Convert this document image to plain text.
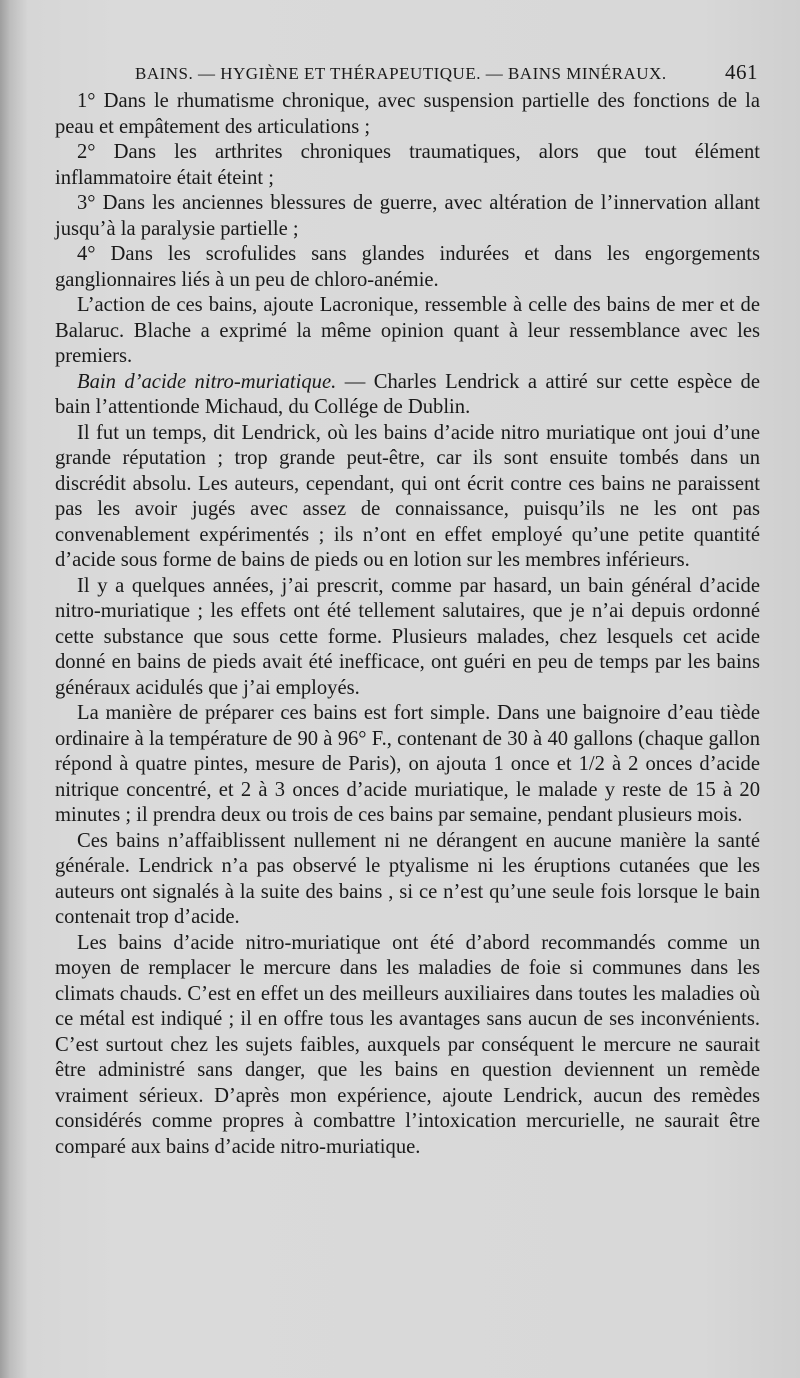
BAINS. — HYGIÈNE ET THÉRAPEUTIQUE. — BAINS MINÉRAUX.	461

1° Dans le rhumatisme chronique, avec suspension partielle des fonctions de la peau et empâtement des articulations ;

2° Dans les arthrites chroniques traumatiques, alors que tout élément inflammatoire était éteint ;

3° Dans les anciennes blessures de guerre, avec altération de l’innervation allant jusqu’à la paralysie partielle ;

4° Dans les scrofulides sans glandes indurées et dans les engorgements ganglionnaires liés à un peu de chloro-anémie.

L’action de ces bains, ajoute Lacronique, ressemble à celle des bains de mer et de Balaruc. Blache a exprimé la même opinion quant à leur ressemblance avec les premiers.

Bain d’acide nitro-muriatique. — Charles Lendrick a attiré sur cette espèce de bain l’attentionde Michaud, du Collége de Dublin.

Il fut un temps, dit Lendrick, où les bains d’acide nitro muriatique ont joui d’une grande réputation ; trop grande peut-être, car ils sont ensuite tombés dans un discrédit absolu. Les auteurs, cependant, qui ont écrit contre ces bains ne paraissent pas les avoir jugés avec assez de connaissance, puisqu’ils ne les ont pas convenablement expérimentés ; ils n’ont en effet employé qu’une petite quantité d’acide sous forme de bains de pieds ou en lotion sur les membres inférieurs.

Il y a quelques années, j’ai prescrit, comme par hasard, un bain général d’acide nitro-muriatique ; les effets ont été tellement salutaires, que je n’ai depuis ordonné cette substance que sous cette forme. Plusieurs malades, chez lesquels cet acide donné en bains de pieds avait été inefficace, ont guéri en peu de temps par les bains généraux acidulés que j’ai employés.

La manière de préparer ces bains est fort simple. Dans une baignoire d’eau tiède ordinaire à la température de 90 à 96° F., contenant de 30 à 40 gallons (chaque gallon répond à quatre pintes, mesure de Paris), on ajouta 1 once et 1/2 à 2 onces d’acide nitrique concentré, et 2 à 3 onces d’acide muriatique, le malade y reste de 15 à 20 minutes ; il prendra deux ou trois de ces bains par semaine, pendant plusieurs mois.

Ces bains n’affaiblissent nullement ni ne dérangent en aucune manière la santé générale. Lendrick n’a pas observé le ptyalisme ni les éruptions cutanées que les auteurs ont signalés à la suite des bains , si ce n’est qu’une seule fois lorsque le bain contenait trop d’acide.

Les bains d’acide nitro-muriatique ont été d’abord recommandés comme un moyen de remplacer le mercure dans les maladies de foie si communes dans les climats chauds. C’est en effet un des meilleurs auxiliaires dans toutes les maladies où ce métal est indiqué ; il en offre tous les avantages sans aucun de ses inconvénients. C’est surtout chez les sujets faibles, auxquels par conséquent le mercure ne saurait être administré sans danger, que les bains en question deviennent un remède vraiment sérieux. D’après mon expérience, ajoute Lendrick, aucun des remèdes considérés comme propres à combattre l’intoxication mercurielle, ne saurait être comparé aux bains d’acide nitro-muriatique.
